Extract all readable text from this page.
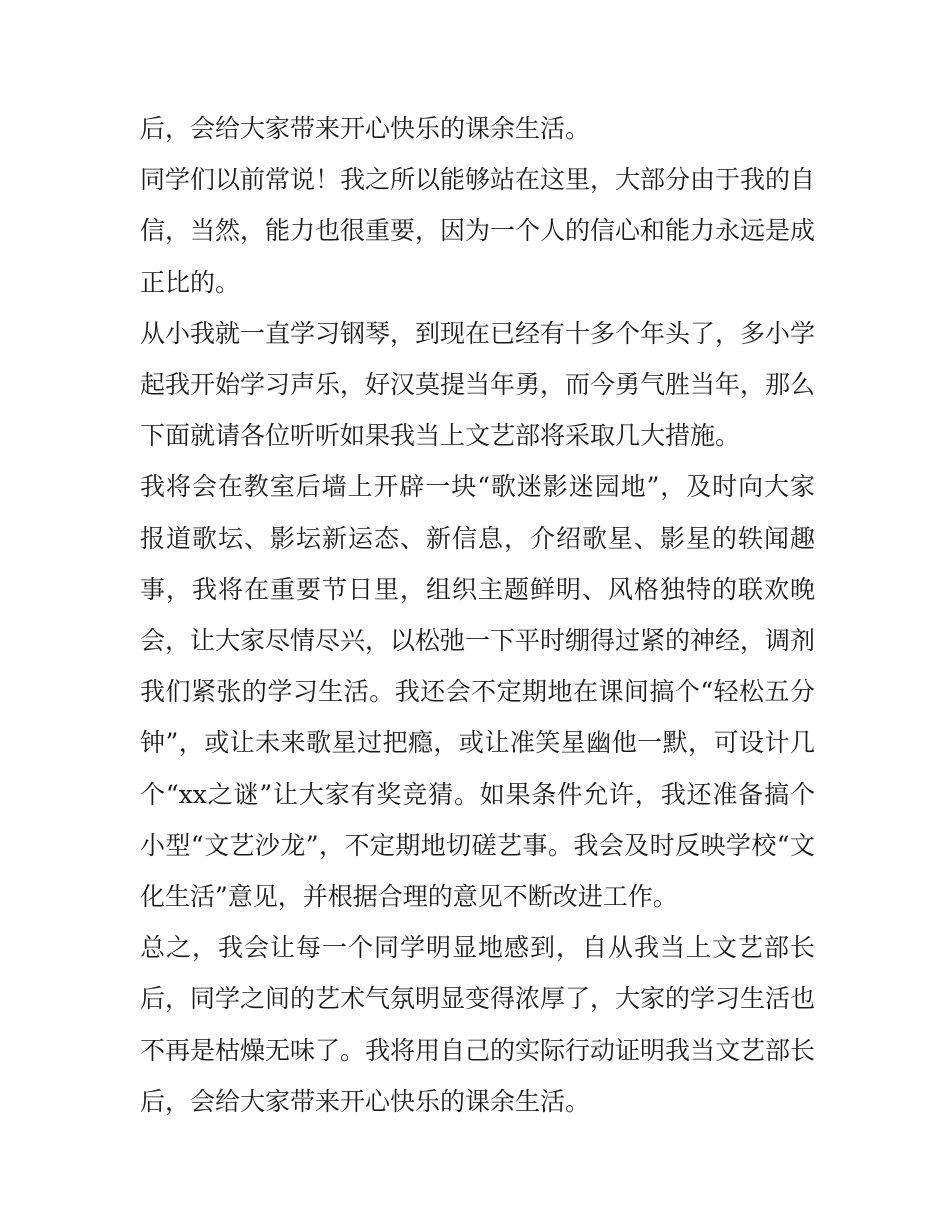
后，会给大家带来开心快乐的课余生活。

同学们以前常说！我之所以能够站在这里，大部分由于我的自信，当然，能力也很重要，因为一个人的信心和能力永远是成正比的。

从小我就一直学习钢琴，到现在已经有十多个年头了，多小学起我开始学习声乐，好汉莫提当年勇，而今勇气胜当年，那么下面就请各位听听如果我当上文艺部将采取几大措施。

我将会在教室后墙上开辟一块“歌迷影迷园地”，及时向大家报道歌坛、影坛新运态、新信息，介绍歌星、影星的轶闻趣事，我将在重要节日里，组织主题鲜明、风格独特的联欢晚会，让大家尽情尽兴，以松弛一下平时绷得过紧的神经，调剂我们紧张的学习生活。我还会不定期地在课间搞个“轻松五分钟”，或让未来歌星过把瘾，或让准笑星幽他一默，可设计几个“xx之谜”让大家有奖竞猜。如果条件允许，我还准备搞个小型“文艺沙龙”，不定期地切磋艺事。我会及时反映学校“文化生活”意见，并根据合理的意见不断改进工作。

总之，我会让每一个同学明显地感到，自从我当上文艺部长后，同学之间的艺术气氛明显变得浓厚了，大家的学习生活也不再是枯燥无味了。我将用自己的实际行动证明我当文艺部长后，会给大家带来开心快乐的课余生活。
